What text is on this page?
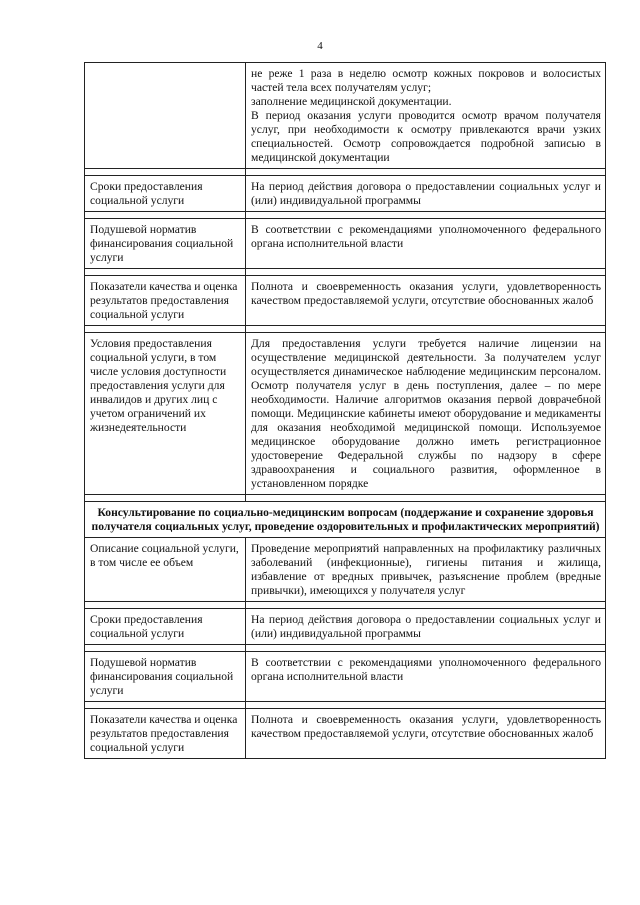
4

	не реже 1 раза в неделю осмотр кожных покровов и волосистых частей тела всех получателям услуг;

заполнение медицинской документации.

В период оказания услуги проводится осмотр врачом получателя услуг, при необходимости к осмотру привлекаются врачи узких специальностей. Осмотр сопровождается подробной записью в медицинской документации

Сроки предоставления социальной услуги	На период действия договора о предоставлении социальных услуг и (или) индивидуальной программы

Подушевой норматив финансирования социальной услуги	В соответствии с рекомендациями уполномоченного федерального органа исполнительной власти

Показатели качества и оценка результатов предоставления социальной услуги	Полнота и своевременность оказания услуги, удовлетворенность качеством предоставляемой услуги, отсутствие обоснованных жалоб

Условия предоставления социальной услуги, в том числе условия доступности предоставления услуги для инвалидов и других лиц с учетом ограничений их жизнедеятельности	Для предоставления услуги требуется наличие лицензии на осуществление медицинской деятельности. За получателем услуг осуществляется динамическое наблюдение медицинским персоналом. Осмотр получателя услуг в день поступления, далее – по мере необходимости. Наличие алгоритмов оказания первой доврачебной помощи. Медицинские кабинеты имеют оборудование и медикаменты для оказания необходимой медицинской помощи. Используемое медицинское оборудование должно иметь регистрационное удостоверение Федеральной службы по надзору в сфере здравоохранения и социального развития, оформленное в установленном порядке

Консультирование по социально-медицинским вопросам (поддержание и сохранение здоровья получателя социальных услуг, проведение оздоровительных и профилактических мероприятий)	
Описание социальной услуги, в том числе ее объем	Проведение мероприятий направленных на профилактику различных заболеваний (инфекционные), гигиены питания и жилища, избавление от вредных привычек, разъяснение проблем (вредные привычки), имеющихся у получателя услуг

Сроки предоставления социальной услуги	На период действия договора о предоставлении социальных услуг и (или) индивидуальной программы

Подушевой норматив финансирования социальной услуги	В соответствии с рекомендациями уполномоченного федерального органа исполнительной власти

Показатели качества и оценка результатов предоставления социальной услуги	Полнота и своевременность оказания услуги, удовлетворенность качеством предоставляемой услуги, отсутствие обоснованных жалоб
